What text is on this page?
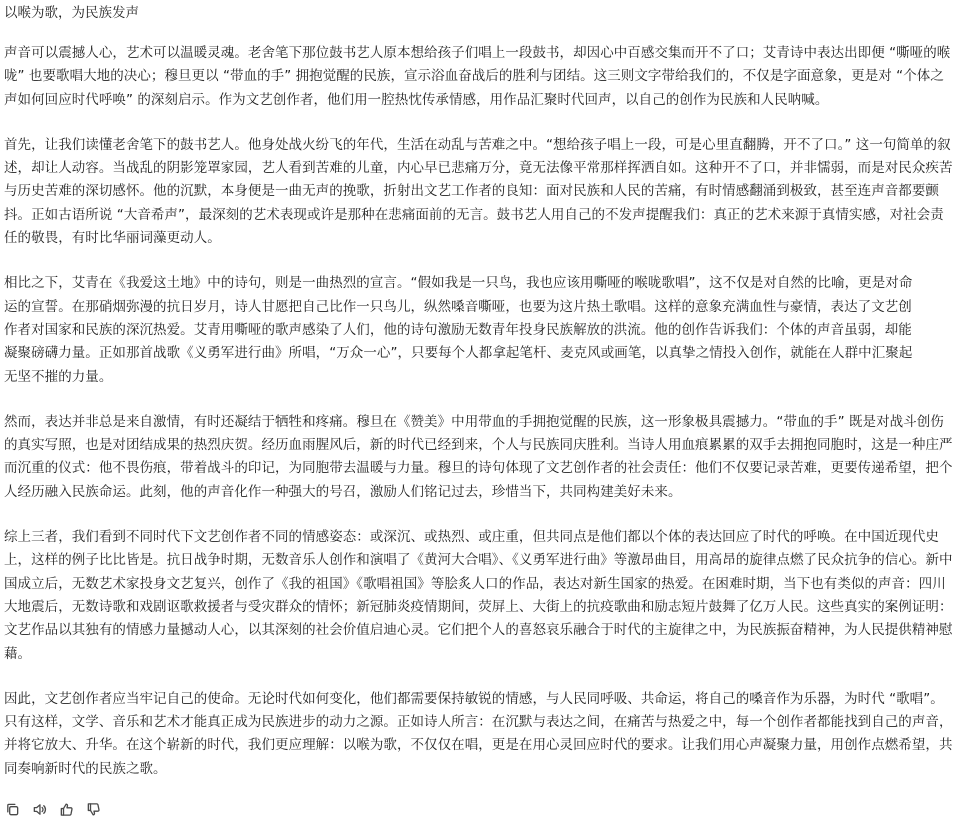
以喉为歌，为民族发声

声音可以震撼人心，艺术可以温暖灵魂。老舍笔下那位鼓书艺人原本想给孩子们唱上一段鼓书，却因心中百感交集而开不了口；艾青诗中表达出即便 “嘶哑的喉咙” 也要歌唱大地的决心；穆旦更以 “带血的手” 拥抱觉醒的民族，宣示浴血奋战后的胜利与团结。这三则文字带给我们的，不仅是字面意象，更是对 “个体之声如何回应时代呼唤” 的深刻启示。作为文艺创作者，他们用一腔热忱传承情感，用作品汇聚时代回声，以自己的创作为民族和人民呐喊。

首先，让我们读懂老舍笔下的鼓书艺人。他身处战火纷飞的年代，生活在动乱与苦难之中。“想给孩子唱上一段，可是心里直翻腾，开不了口。” 这一句简单的叙述，却让人动容。当战乱的阴影笼罩家园，艺人看到苦难的儿童，内心早已悲痛万分，竟无法像平常那样挥洒自如。这种开不了口，并非懦弱，而是对民众疾苦与历史苦难的深切感怀。他的沉默，本身便是一曲无声的挽歌，折射出文艺工作者的良知：面对民族和人民的苦痛，有时情感翻涌到极致，甚至连声音都要颤抖。正如古语所说 “大音希声”，最深刻的艺术表现或许是那种在悲痛面前的无言。鼓书艺人用自己的不发声提醒我们：真正的艺术来源于真情实感，对社会责任的敬畏，有时比华丽词藻更动人。

相比之下，艾青在《我爱这土地》中的诗句，则是一曲热烈的宣言。“假如我是一只鸟，我也应该用嘶哑的喉咙歌唱”，这不仅是对自然的比喻，更是对命运的宣誓。在那硝烟弥漫的抗日岁月，诗人甘愿把自己比作一只鸟儿，纵然嗓音嘶哑，也要为这片热土歌唱。这样的意象充满血性与豪情，表达了文艺创作者对国家和民族的深沉热爱。艾青用嘶哑的歌声感染了人们，他的诗句激励无数青年投身民族解放的洪流。他的创作告诉我们：个体的声音虽弱，却能凝聚磅礴力量。正如那首战歌《义勇军进行曲》所唱，“万众一心”，只要每个人都拿起笔杆、麦克风或画笔，以真挚之情投入创作，就能在人群中汇聚起无坚不摧的力量。

然而，表达并非总是来自激情，有时还凝结于牺牲和疼痛。穆旦在《赞美》中用带血的手拥抱觉醒的民族，这一形象极具震撼力。“带血的手” 既是对战斗创伤的真实写照，也是对团结成果的热烈庆贺。经历血雨腥风后，新的时代已经到来，个人与民族同庆胜利。当诗人用血痕累累的双手去拥抱同胞时，这是一种庄严而沉重的仪式：他不畏伤痕，带着战斗的印记，为同胞带去温暖与力量。穆旦的诗句体现了文艺创作者的社会责任：他们不仅要记录苦难，更要传递希望，把个人经历融入民族命运。此刻，他的声音化作一种强大的号召，激励人们铭记过去，珍惜当下，共同构建美好未来。

综上三者，我们看到不同时代下文艺创作者不同的情感姿态：或深沉、或热烈、或庄重，但共同点是他们都以个体的表达回应了时代的呼唤。在中国近现代史上，这样的例子比比皆是。抗日战争时期，无数音乐人创作和演唱了《黄河大合唱》、《义勇军进行曲》等激昂曲目，用高昂的旋律点燃了民众抗争的信心。新中国成立后，无数艺术家投身文艺复兴，创作了《我的祖国》《歌唱祖国》等脍炙人口的作品，表达对新生国家的热爱。在困难时期，当下也有类似的声音：四川大地震后，无数诗歌和戏剧讴歌救援者与受灾群众的情怀；新冠肺炎疫情期间，荧屏上、大街上的抗疫歌曲和励志短片鼓舞了亿万人民。这些真实的案例证明：文艺作品以其独有的情感力量撼动人心，以其深刻的社会价值启迪心灵。它们把个人的喜怒哀乐融合于时代的主旋律之中，为民族振奋精神，为人民提供精神慰藉。

因此，文艺创作者应当牢记自己的使命。无论时代如何变化，他们都需要保持敏锐的情感，与人民同呼吸、共命运，将自己的嗓音作为乐器，为时代 “歌唱”。只有这样，文学、音乐和艺术才能真正成为民族进步的动力之源。正如诗人所言：在沉默与表达之间，在痛苦与热爱之中，每一个创作者都能找到自己的声音，并将它放大、升华。在这个崭新的时代，我们更应理解：以喉为歌，不仅仅在唱，更是在用心灵回应时代的要求。让我们用心声凝聚力量，用创作点燃希望，共同奏响新时代的民族之歌。
